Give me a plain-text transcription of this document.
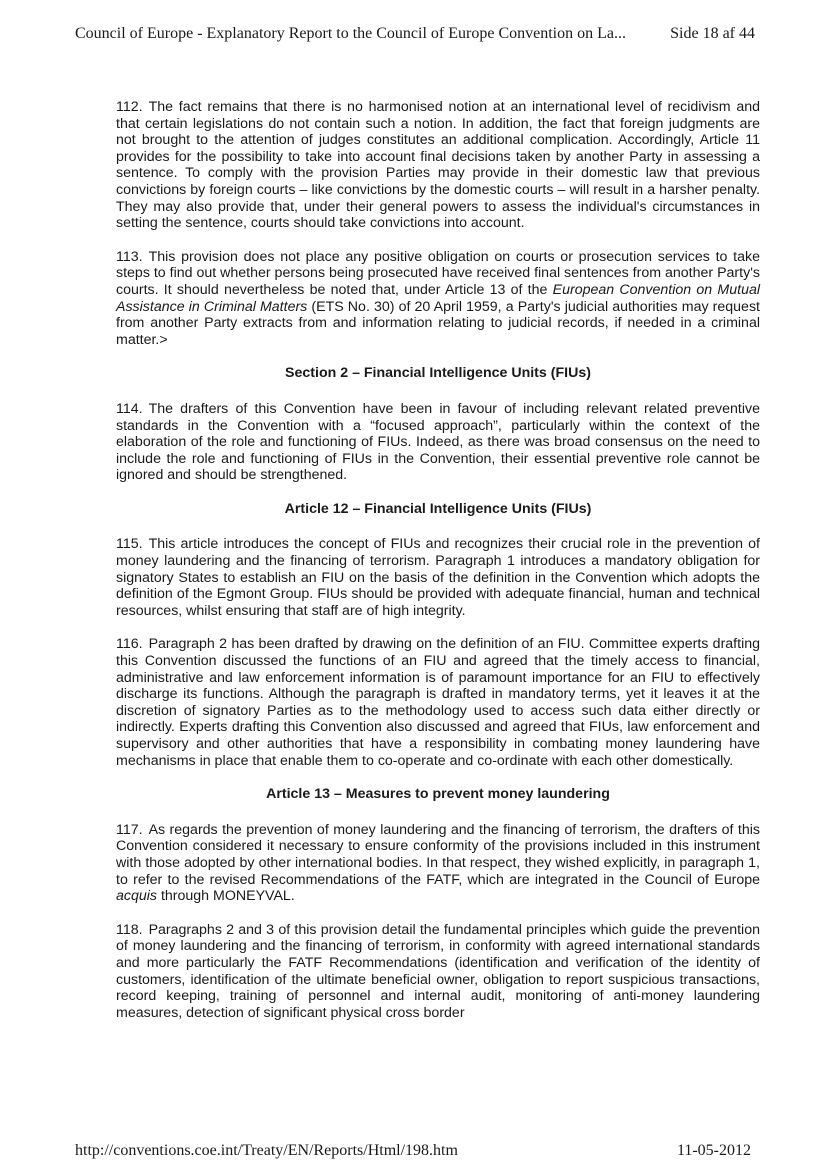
Council of Europe - Explanatory Report to the Council of Europe Convention on La...	Side 18 af 44

112. The fact remains that there is no harmonised notion at an international level of recidivism and that certain legislations do not contain such a notion. In addition, the fact that foreign judgments are not brought to the attention of judges constitutes an additional complication. Accordingly, Article 11 provides for the possibility to take into account final decisions taken by another Party in assessing a sentence. To comply with the provision Parties may provide in their domestic law that previous convictions by foreign courts – like convictions by the domestic courts – will result in a harsher penalty. They may also provide that, under their general powers to assess the individual's circumstances in setting the sentence, courts should take convictions into account.

113. This provision does not place any positive obligation on courts or prosecution services to take steps to find out whether persons being prosecuted have received final sentences from another Party's courts. It should nevertheless be noted that, under Article 13 of the European Convention on Mutual Assistance in Criminal Matters (ETS No. 30) of 20 April 1959, a Party's judicial authorities may request from another Party extracts from and information relating to judicial records, if needed in a criminal matter.>

Section 2 – Financial Intelligence Units (FIUs)

114. The drafters of this Convention have been in favour of including relevant related preventive standards in the Convention with a “focused approach”, particularly within the context of the elaboration of the role and functioning of FIUs. Indeed, as there was broad consensus on the need to include the role and functioning of FIUs in the Convention, their essential preventive role cannot be ignored and should be strengthened.

Article 12 – Financial Intelligence Units (FIUs)

115. This article introduces the concept of FIUs and recognizes their crucial role in the prevention of money laundering and the financing of terrorism. Paragraph 1 introduces a mandatory obligation for signatory States to establish an FIU on the basis of the definition in the Convention which adopts the definition of the Egmont Group. FIUs should be provided with adequate financial, human and technical resources, whilst ensuring that staff are of high integrity.

116. Paragraph 2 has been drafted by drawing on the definition of an FIU. Committee experts drafting this Convention discussed the functions of an FIU and agreed that the timely access to financial, administrative and law enforcement information is of paramount importance for an FIU to effectively discharge its functions. Although the paragraph is drafted in mandatory terms, yet it leaves it at the discretion of signatory Parties as to the methodology used to access such data either directly or indirectly. Experts drafting this Convention also discussed and agreed that FIUs, law enforcement and supervisory and other authorities that have a responsibility in combating money laundering have mechanisms in place that enable them to co-operate and co-ordinate with each other domestically.

Article 13 – Measures to prevent money laundering

117. As regards the prevention of money laundering and the financing of terrorism, the drafters of this Convention considered it necessary to ensure conformity of the provisions included in this instrument with those adopted by other international bodies. In that respect, they wished explicitly, in paragraph 1, to refer to the revised Recommendations of the FATF, which are integrated in the Council of Europe acquis through MONEYVAL.

118. Paragraphs 2 and 3 of this provision detail the fundamental principles which guide the prevention of money laundering and the financing of terrorism, in conformity with agreed international standards and more particularly the FATF Recommendations (identification and verification of the identity of customers, identification of the ultimate beneficial owner, obligation to report suspicious transactions, record keeping, training of personnel and internal audit, monitoring of anti-money laundering measures, detection of significant physical cross border

http://conventions.coe.int/Treaty/EN/Reports/Html/198.htm	11-05-2012
